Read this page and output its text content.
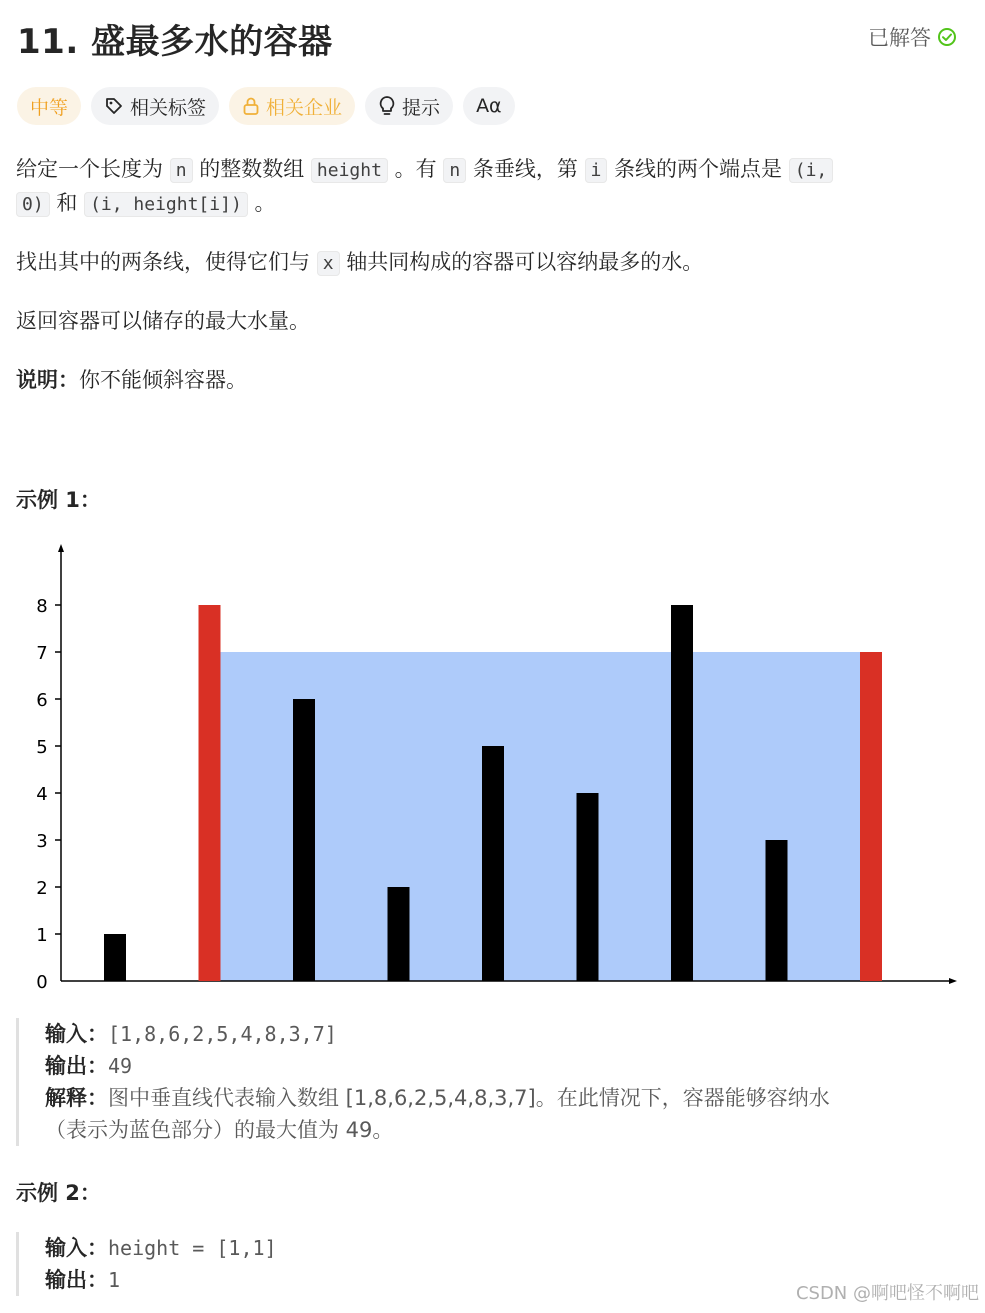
11. 盛最多水的容器	已解答
中等	相关标签	相关企业	提示 Aα
给定一个长度为 n 的整数数组 height 。有 n 条垂线，第 i 条线的两个端点是 (i,
0) 和 (i, height[i]) 。
找出其中的两条线，使得它们与 x 轴共同构成的容器可以容纳最多的水。
返回容器可以储存的最大水量。
说明：你不能倾斜容器。
示例 1：
0
1
2
3
4
5
6
7
8
输入：[1,8,6,2,5,4,8,3,7]
输出：49
解释：图中垂直线代表输入数组 [1,8,6,2,5,4,8,3,7]。在此情况下，容器能够容纳水
（表示为蓝色部分）的最大值为 49。
示例 2：
输入：height = [1,1]
输出：1
CSDN @啊吧怪不啊吧
